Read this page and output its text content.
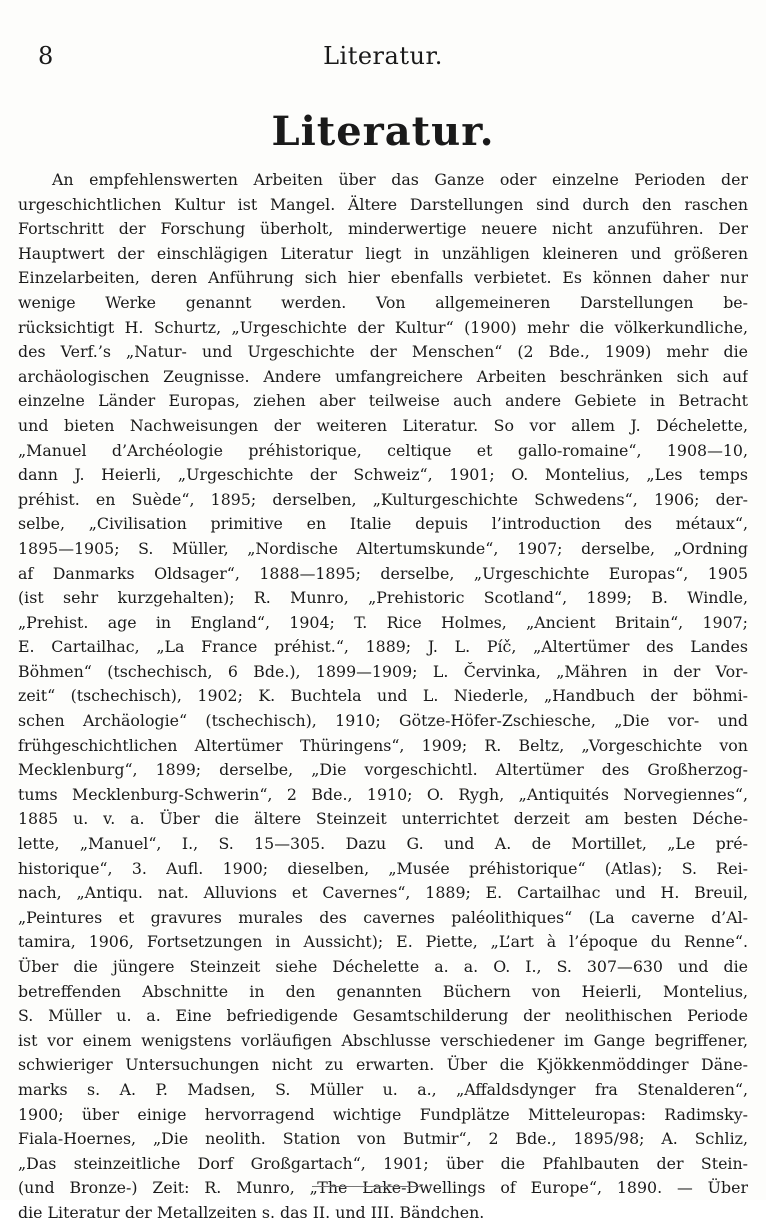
8	Literatur.
Literatur.
An empfehlenswerten Arbeiten über das Ganze oder einzelne Perioden der
urgeschichtlichen Kultur ist Mangel. Ältere Darstellungen sind durch den raschen
Fortschritt der Forschung überholt, minderwertige neuere nicht anzuführen. Der
Hauptwert der einschlägigen Literatur liegt in unzähligen kleineren und größeren
Einzelarbeiten, deren Anführung sich hier ebenfalls verbietet. Es können daher nur
wenige Werke genannt werden. Von allgemeineren Darstellungen be-
rücksichtigt H. Schurtz, „Urgeschichte der Kultur“ (1900) mehr die völkerkundliche,
des Verf.’s „Natur- und Urgeschichte der Menschen“ (2 Bde., 1909) mehr die
archäologischen Zeugnisse. Andere umfangreichere Arbeiten beschränken sich auf
einzelne Länder Europas, ziehen aber teilweise auch andere Gebiete in Betracht
und bieten Nachweisungen der weiteren Literatur. So vor allem J. Déchelette,
„Manuel d’Archéologie préhistorique, celtique et gallo-romaine“, 1908—10,
dann J. Heierli, „Urgeschichte der Schweiz“, 1901; O. Montelius, „Les temps
préhist. en Suède“, 1895; derselben, „Kulturgeschichte Schwedens“, 1906; der-
selbe, „Civilisation primitive en Italie depuis l’introduction des métaux“,
1895—1905; S. Müller, „Nordische Altertumskunde“, 1907; derselbe, „Ordning
af Danmarks Oldsager“, 1888—1895; derselbe, „Urgeschichte Europas“, 1905
(ist sehr kurzgehalten); R. Munro, „Prehistoric Scotland“, 1899; B. Windle,
„Prehist. age in England“, 1904; T. Rice Holmes, „Ancient Britain“, 1907;
E. Cartailhac, „La France préhist.“, 1889; J. L. Píč, „Altertümer des Landes
Böhmen“ (tschechisch, 6 Bde.), 1899—1909; L. Červinka, „Mähren in der Vor-
zeit“ (tschechisch), 1902; K. Buchtela und L. Niederle, „Handbuch der böhmi-
schen Archäologie“ (tschechisch), 1910; Götze-Höfer-Zschiesche, „Die vor- und
frühgeschichtlichen Altertümer Thüringens“, 1909; R. Beltz, „Vorgeschichte von
Mecklenburg“, 1899; derselbe, „Die vorgeschichtl. Altertümer des Großherzog-
tums Mecklenburg-Schwerin“, 2 Bde., 1910; O. Rygh, „Antiquités Norvegiennes“,
1885 u. v. a. Über die ältere Steinzeit unterrichtet derzeit am besten Déche-
lette, „Manuel“, I., S. 15—305. Dazu G. und A. de Mortillet, „Le pré-
historique“, 3. Aufl. 1900; dieselben, „Musée préhistorique“ (Atlas); S. Rei-
nach, „Antiqu. nat. Alluvions et Cavernes“, 1889; E. Cartailhac und H. Breuil,
„Peintures et gravures murales des cavernes paléolithiques“ (La caverne d’Al-
tamira, 1906, Fortsetzungen in Aussicht); E. Piette, „L’art à l’époque du Renne“.
Über die jüngere Steinzeit siehe Déchelette a. a. O. I., S. 307—630 und die
betreffenden Abschnitte in den genannten Büchern von Heierli, Montelius,
S. Müller u. a. Eine befriedigende Gesamtschilderung der neolithischen Periode
ist vor einem wenigstens vorläufigen Abschlusse verschiedener im Gange begriffener,
schwieriger Untersuchungen nicht zu erwarten. Über die Kjökkenmöddinger Däne-
marks s. A. P. Madsen, S. Müller u. a., „Affaldsdynger fra Stenalderen“,
1900; über einige hervorragend wichtige Fundplätze Mitteleuropas: Radimsky-
Fiala-Hoernes, „Die neolith. Station von Butmir“, 2 Bde., 1895/98; A. Schliz,
„Das steinzeitliche Dorf Großgartach“, 1901; über die Pfahlbauten der Stein-
(und Bronze-) Zeit: R. Munro, „The Lake-Dwellings of Europe“, 1890. — Über
die Literatur der Metallzeiten s. das II. und III. Bändchen.
